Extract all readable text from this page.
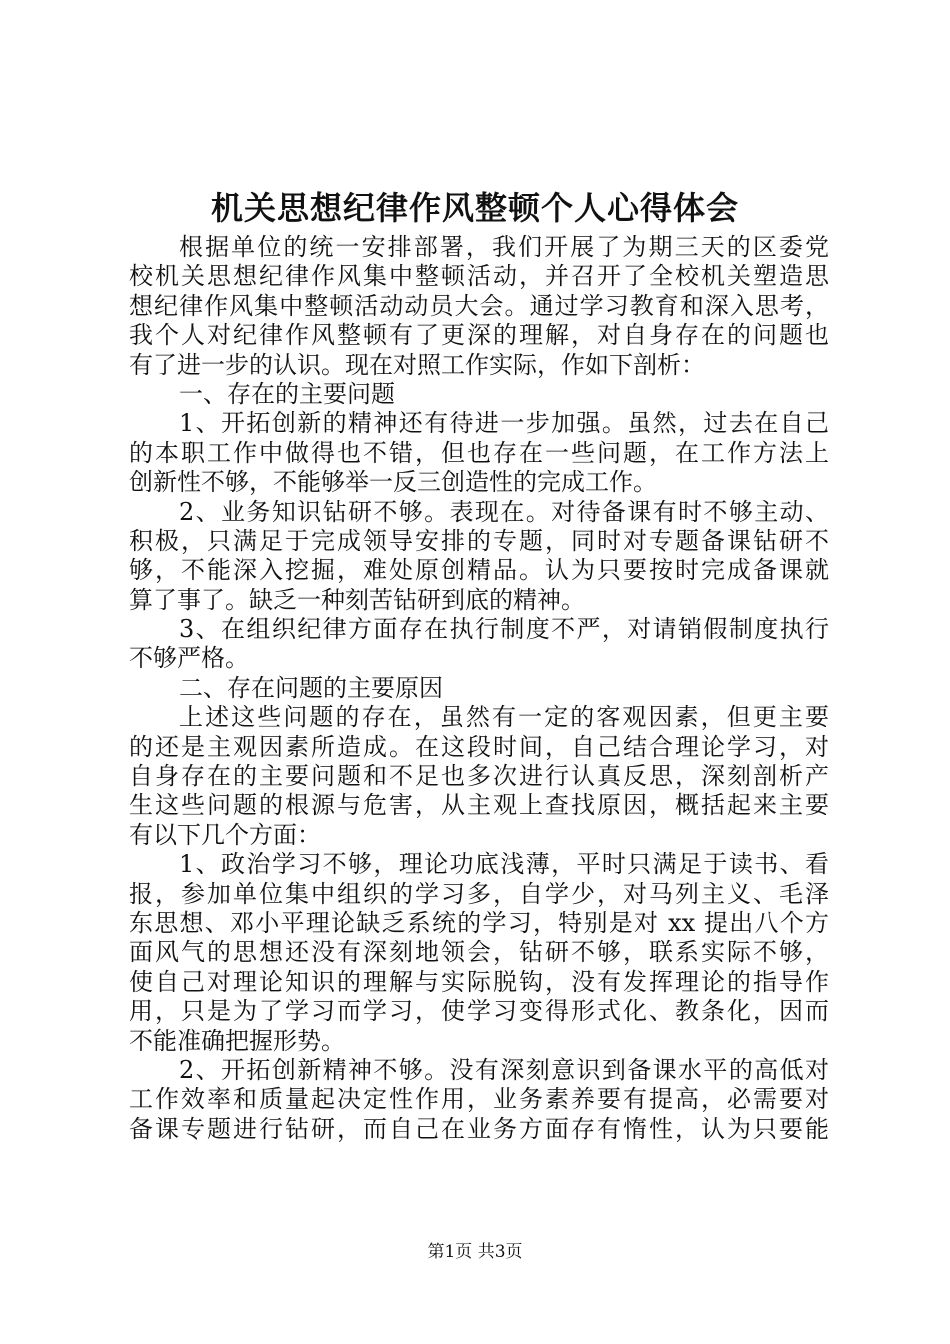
机关思想纪律作风整顿个人心得体会
根据单位的统一安排部署，我们开展了为期三天的区委党
校机关思想纪律作风集中整顿活动，并召开了全校机关塑造思
想纪律作风集中整顿活动动员大会。通过学习教育和深入思考，
我个人对纪律作风整顿有了更深的理解，对自身存在的问题也
有了进一步的认识。现在对照工作实际，作如下剖析：
一、存在的主要问题
1、开拓创新的精神还有待进一步加强。虽然，过去在自己
的本职工作中做得也不错，但也存在一些问题，在工作方法上
创新性不够，不能够举一反三创造性的完成工作。
2、业务知识钻研不够。表现在。对待备课有时不够主动、
积极，只满足于完成领导安排的专题，同时对专题备课钻研不
够，不能深入挖掘，难处原创精品。认为只要按时完成备课就
算了事了。缺乏一种刻苦钻研到底的精神。
3、在组织纪律方面存在执行制度不严，对请销假制度执行
不够严格。
二、存在问题的主要原因
上述这些问题的存在，虽然有一定的客观因素，但更主要
的还是主观因素所造成。在这段时间，自己结合理论学习，对
自身存在的主要问题和不足也多次进行认真反思，深刻剖析产
生这些问题的根源与危害，从主观上查找原因，概括起来主要
有以下几个方面：
1、政治学习不够，理论功底浅薄，平时只满足于读书、看
报，参加单位集中组织的学习多，自学少，对马列主义、毛泽
东思想、邓小平理论缺乏系统的学习，特别是对 xx 提出八个方
面风气的思想还没有深刻地领会，钻研不够，联系实际不够，
使自己对理论知识的理解与实际脱钩，没有发挥理论的指导作
用，只是为了学习而学习，使学习变得形式化、教条化，因而
不能准确把握形势。
2、开拓创新精神不够。没有深刻意识到备课水平的高低对
工作效率和质量起决定性作用，业务素养要有提高，必需要对
备课专题进行钻研，而自己在业务方面存有惰性，认为只要能
第1页 共3页
